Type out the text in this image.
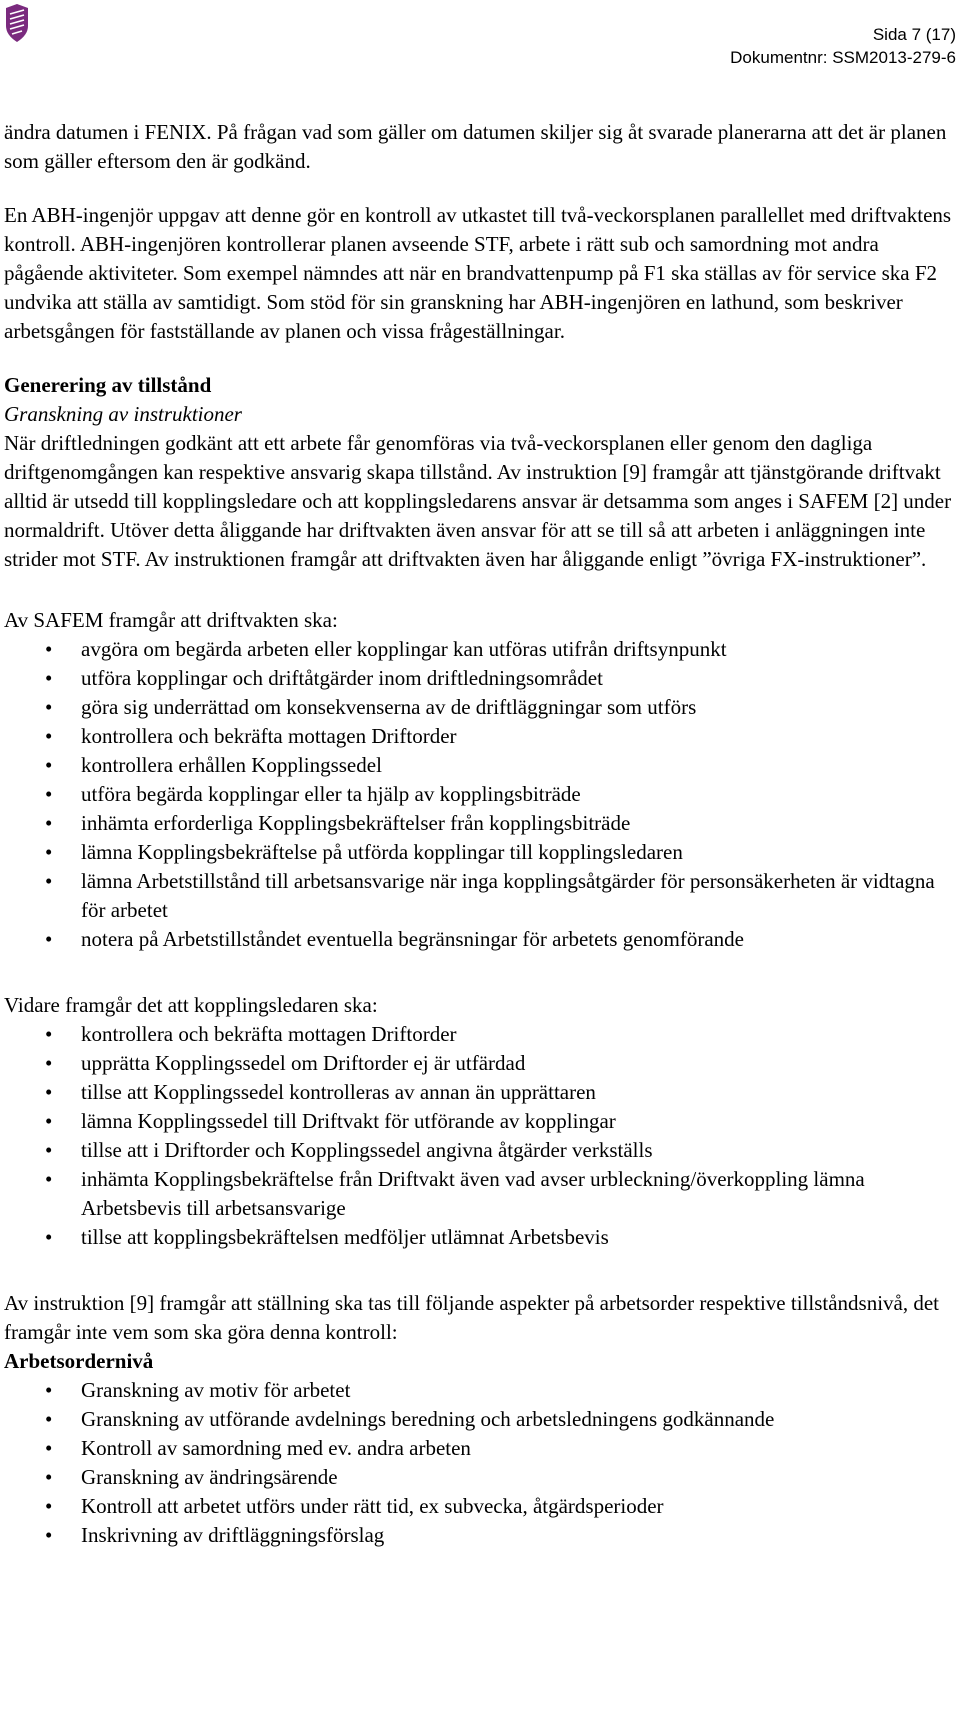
Sida 7 (17)
Dokumentnr: SSM2013-279-6

ändra datumen i FENIX. På frågan vad som gäller om datumen skiljer sig åt svarade planerarna att det är planen som gäller eftersom den är godkänd.

En ABH-ingenjör uppgav att denne gör en kontroll av utkastet till två-veckorsplanen parallellet med driftvaktens kontroll. ABH-ingenjören kontrollerar planen avseende STF, arbete i rätt sub och samordning mot andra pågående aktiviteter. Som exempel nämndes att när en brandvattenpump på F1 ska ställas av för service ska F2 undvika att ställa av samtidigt. Som stöd för sin granskning har ABH-ingenjören en lathund, som beskriver arbetsgången för fastställande av planen och vissa frågeställningar.

Generering av tillstånd

Granskning av instruktioner

När driftledningen godkänt att ett arbete får genomföras via två-veckorsplanen eller genom den dagliga driftgenomgången kan respektive ansvarig skapa tillstånd. Av instruktion [9] framgår att tjänstgörande driftvakt alltid är utsedd till kopplingsledare och att kopplingsledarens ansvar är detsamma som anges i SAFEM [2] under normaldrift. Utöver detta åliggande har driftvakten även ansvar för att se till så att arbeten i anläggningen inte strider mot STF. Av instruktionen framgår att driftvakten även har åliggande enligt ”övriga FX-instruktioner”.

Av SAFEM framgår att driftvakten ska:

• avgöra om begärda arbeten eller kopplingar kan utföras utifrån driftsynpunkt
• utföra kopplingar och driftåtgärder inom driftledningsområdet
• göra sig underrättad om konsekvenserna av de driftläggningar som utförs
• kontrollera och bekräfta mottagen Driftorder
• kontrollera erhållen Kopplingssedel
• utföra begärda kopplingar eller ta hjälp av kopplingsbiträde
• inhämta erforderliga Kopplingsbekräftelser från kopplingsbiträde
• lämna Kopplingsbekräftelse på utförda kopplingar till kopplingsledaren
• lämna Arbetstillstånd till arbetsansvarige när inga kopplingsåtgärder för personsäkerheten är vidtagna för arbetet
• notera på Arbetstillståndet eventuella begränsningar för arbetets genomförande

Vidare framgår det att kopplingsledaren ska:

• kontrollera och bekräfta mottagen Driftorder
• upprätta Kopplingssedel om Driftorder ej är utfärdad
• tillse att Kopplingssedel kontrolleras av annan än upprättaren
• lämna Kopplingssedel till Driftvakt för utförande av kopplingar
• tillse att i Driftorder och Kopplingssedel angivna åtgärder verkställs
• inhämta Kopplingsbekräftelse från Driftvakt även vad avser urbleckning/överkoppling lämna Arbetsbevis till arbetsansvarige
• tillse att kopplingsbekräftelsen medföljer utlämnat Arbetsbevis

Av instruktion [9] framgår att ställning ska tas till följande aspekter på arbetsorder respektive tillståndsnivå, det framgår inte vem som ska göra denna kontroll:

Arbetsordernivå

• Granskning av motiv för arbetet
• Granskning av utförande avdelnings beredning och arbetsledningens godkännande
• Kontroll av samordning med ev. andra arbeten
• Granskning av ändringsärende
• Kontroll att arbetet utförs under rätt tid, ex subvecka, åtgärdsperioder
• Inskrivning av driftläggningsförslag
